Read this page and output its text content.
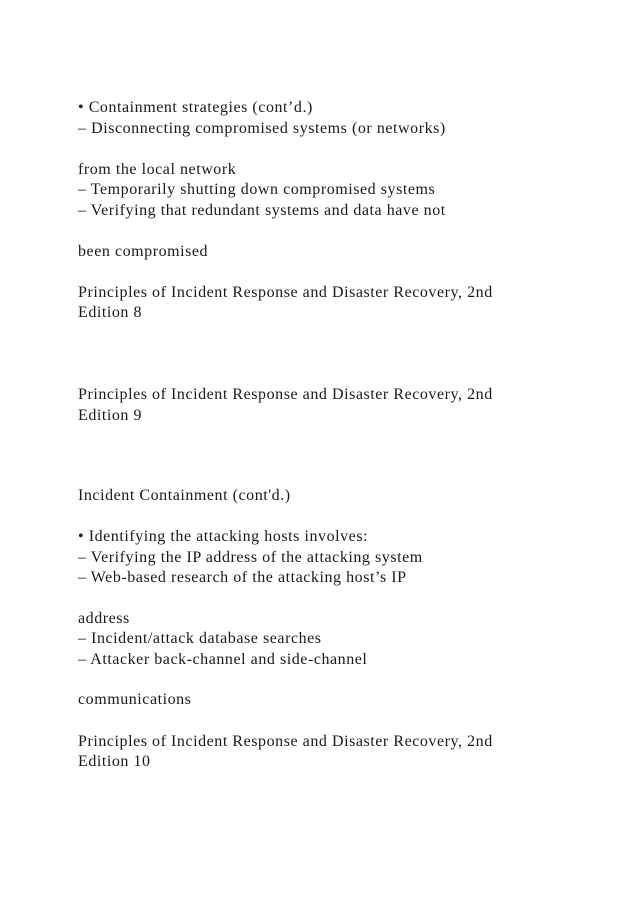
• Containment strategies (cont’d.)
– Disconnecting compromised systems (or networks)
from the local network
– Temporarily shutting down compromised systems
– Verifying that redundant systems and data have not
been compromised
Principles of Incident Response and Disaster Recovery, 2nd
Edition 8
Principles of Incident Response and Disaster Recovery, 2nd
Edition 9
Incident Containment (cont'd.)
• Identifying the attacking hosts involves:
– Verifying the IP address of the attacking system
– Web-based research of the attacking host’s IP
address
– Incident/attack database searches
– Attacker back-channel and side-channel
communications
Principles of Incident Response and Disaster Recovery, 2nd
Edition 10
